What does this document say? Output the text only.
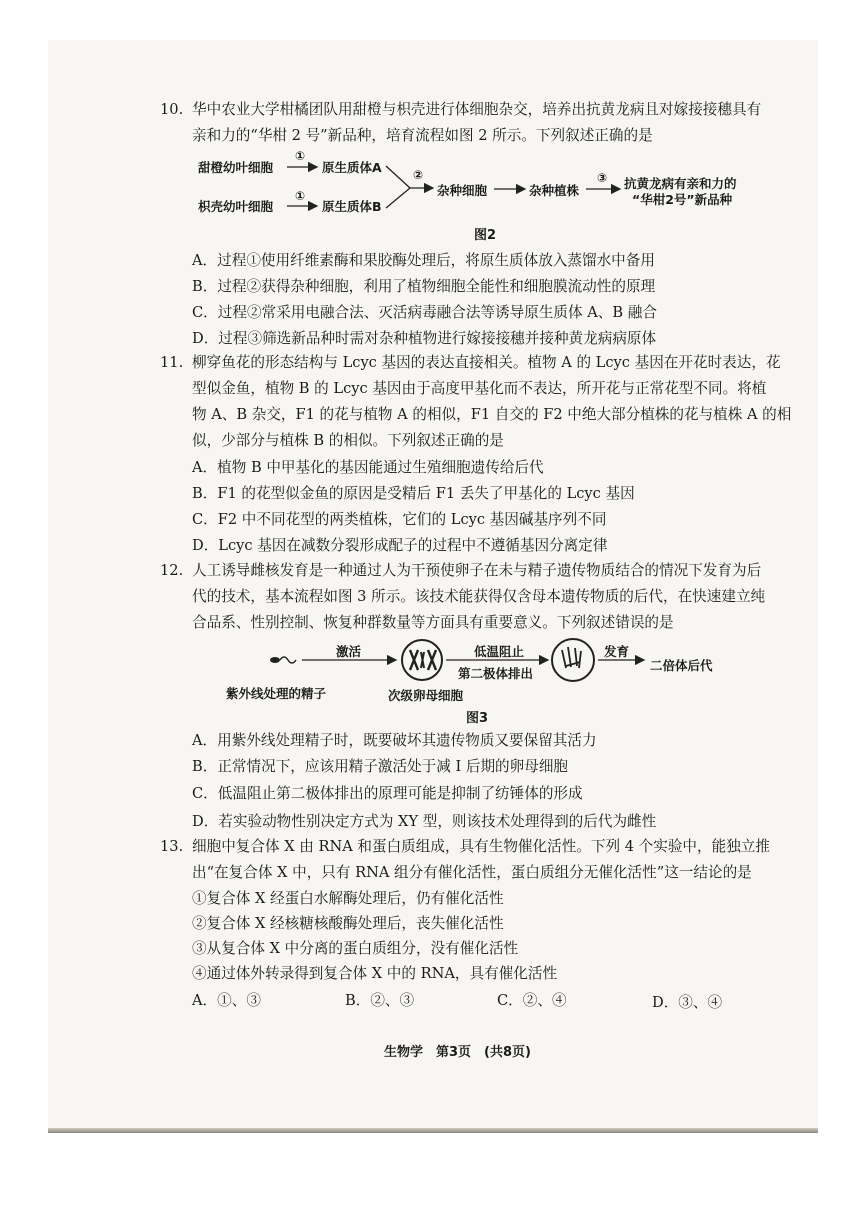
10. 华中农业大学柑橘团队用甜橙与枳壳进行体细胞杂交，培养出抗黄龙病且对嫁接接穗具有
亲和力的“华柑 2 号”新品种，培育流程如图 2 所示。下列叙述正确的是
甜橙幼叶细胞
枳壳幼叶细胞
①
①
原生质体A
原生质体B
②
杂种细胞	杂种植株
③ 抗黄龙病有亲和力的
“华柑2号”新品种
图2
A．过程①使用纤维素酶和果胶酶处理后，将原生质体放入蒸馏水中备用
B．过程②获得杂种细胞，利用了植物细胞全能性和细胞膜流动性的原理
C．过程②常采用电融合法、灭活病毒融合法等诱导原生质体 A、B 融合
D．过程③筛选新品种时需对杂种植物进行嫁接接穗并接种黄龙病病原体
11. 柳穿鱼花的形态结构与 Lcyc 基因的表达直接相关。植物 A 的 Lcyc 基因在开花时表达，花
型似金鱼，植物 B 的 Lcyc 基因由于高度甲基化而不表达，所开花与正常花型不同。将植
物 A、B 杂交，F1 的花与植物 A 的相似，F1 自交的 F2 中绝大部分植株的花与植株 A 的相
似，少部分与植株 B 的相似。下列叙述正确的是
A．植物 B 中甲基化的基因能通过生殖细胞遗传给后代
B．F1 的花型似金鱼的原因是受精后 F1 丢失了甲基化的 Lcyc 基因
C．F2 中不同花型的两类植株，它们的 Lcyc 基因碱基序列不同
D．Lcyc 基因在减数分裂形成配子的过程中不遵循基因分离定律
12. 人工诱导雌核发育是一种通过人为干预使卵子在未与精子遗传物质结合的情况下发育为后
代的技术，基本流程如图 3 所示。该技术能获得仅含母本遗传物质的后代，在快速建立纯
合品系、性别控制、恢复种群数量等方面具有重要意义。下列叙述错误的是
激活	低温阻止
第二极体排出
发育
二倍体后代
紫外线处理的精子	次级卵母细胞
图3
A．用紫外线处理精子时，既要破坏其遗传物质又要保留其活力
B．正常情况下，应该用精子激活处于减 I 后期的卵母细胞
C．低温阻止第二极体排出的原理可能是抑制了纺锤体的形成
D．若实验动物性别决定方式为 XY 型，则该技术处理得到的后代为雌性
13. 细胞中复合体 X 由 RNA 和蛋白质组成，具有生物催化活性。下列 4 个实验中，能独立推
出“在复合体 X 中，只有 RNA 组分有催化活性，蛋白质组分无催化活性”这一结论的是
①复合体 X 经蛋白水解酶处理后，仍有催化活性
②复合体 X 经核糖核酸酶处理后，丧失催化活性
③从复合体 X 中分离的蛋白质组分，没有催化活性
④通过体外转录得到复合体 X 中的 RNA，具有催化活性
A．①、③	B．②、③	C．②、④	D．③、④
生物学　第3页　(共8页)
